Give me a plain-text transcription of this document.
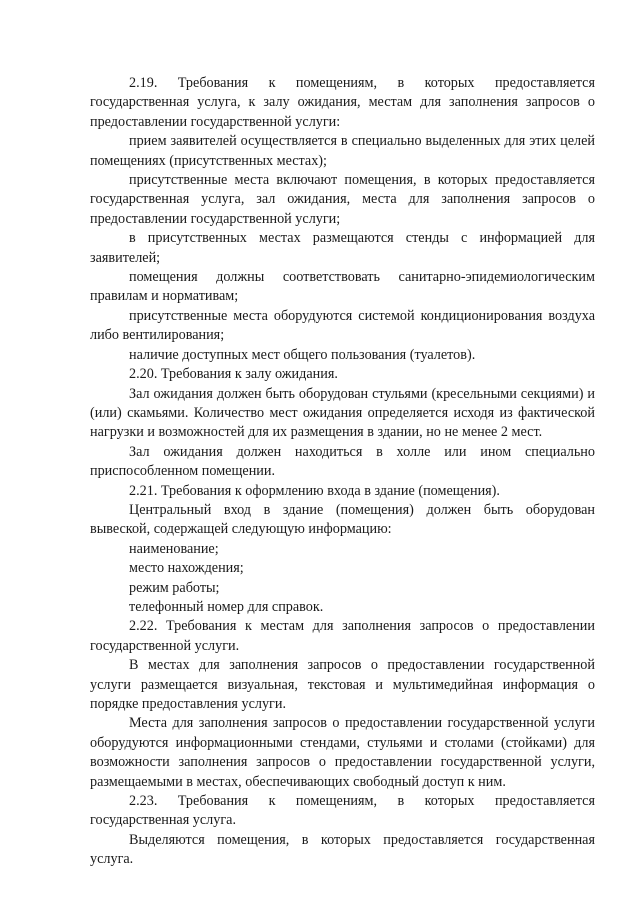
2.19. Требования к помещениям, в которых предоставляется государственная услуга, к залу ожидания, местам для заполнения запросов о предоставлении государственной услуги:

прием заявителей осуществляется в специально выделенных для этих целей помещениях (присутственных местах);

присутственные места включают помещения, в которых предоставляется государственная услуга, зал ожидания, места для заполнения запросов о предоставлении государственной услуги;

в присутственных местах размещаются стенды с информацией для заявителей;

помещения должны соответствовать санитарно-эпидемиологическим правилам и нормативам;

присутственные места оборудуются системой кондиционирования воздуха либо вентилирования;

наличие доступных мест общего пользования (туалетов).

2.20. Требования к залу ожидания.

Зал ожидания должен быть оборудован стульями (кресельными секциями) и (или) скамьями. Количество мест ожидания определяется исходя из фактической нагрузки и возможностей для их размещения в здании, но не менее 2 мест.

Зал ожидания должен находиться в холле или ином специально приспособленном помещении.

2.21. Требования к оформлению входа в здание (помещения).

Центральный вход в здание (помещения) должен быть оборудован вывеской, содержащей следующую информацию:

наименование;

место нахождения;

режим работы;

телефонный номер для справок.

2.22. Требования к местам для заполнения запросов о предоставлении государственной услуги.

В местах для заполнения запросов о предоставлении государственной услуги размещается визуальная, текстовая и мультимедийная информация о порядке предоставления услуги.

Места для заполнения запросов о предоставлении государственной услуги оборудуются информационными стендами, стульями и столами (стойками) для возможности заполнения запросов о предоставлении государственной услуги, размещаемыми в местах, обеспечивающих свободный доступ к ним.

2.23. Требования к помещениям, в которых предоставляется государственная услуга.

Выделяются помещения, в которых предоставляется государственная услуга.
